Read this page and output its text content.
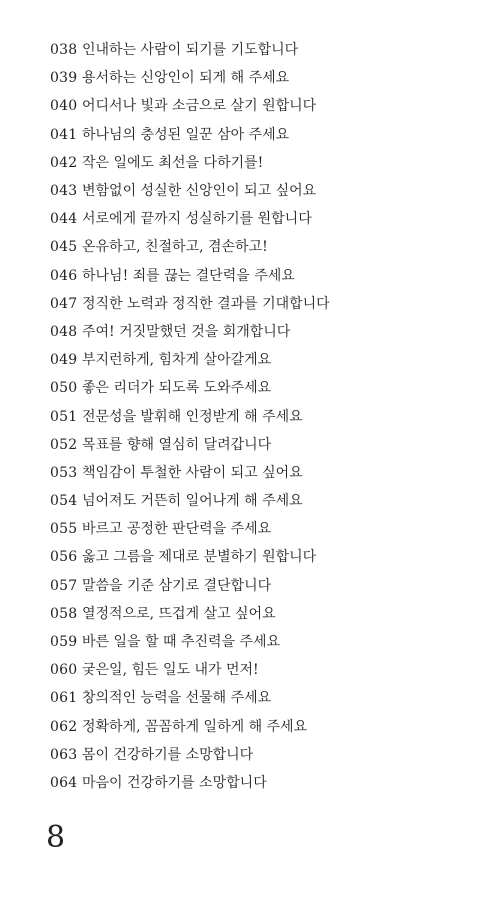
038 인내하는 사람이 되기를 기도합니다
039 용서하는 신앙인이 되게 해 주세요
040 어디서나 빛과 소금으로 살기 원합니다
041 하나님의 충성된 일꾼 삼아 주세요
042 작은 일에도 최선을 다하기를!
043 변함없이 성실한 신앙인이 되고 싶어요
044 서로에게 끝까지 성실하기를 원합니다
045 온유하고, 친절하고, 겸손하고!
046 하나님! 죄를 끊는 결단력을 주세요
047 정직한 노력과 정직한 결과를 기대합니다
048 주여! 거짓말했던 것을 회개합니다
049 부지런하게, 힘차게 살아갈게요
050 좋은 리더가 되도록 도와주세요
051 전문성을 발휘해 인정받게 해 주세요
052 목표를 향해 열심히 달려갑니다
053 책임감이 투철한 사람이 되고 싶어요
054 넘어져도 거뜬히 일어나게 해 주세요
055 바르고 공정한 판단력을 주세요
056 옳고 그름을 제대로 분별하기 원합니다
057 말씀을 기준 삼기로 결단합니다
058 열정적으로, 뜨겁게 살고 싶어요
059 바른 일을 할 때 추진력을 주세요
060 궂은일, 힘든 일도 내가 먼저!
061 창의적인 능력을 선물해 주세요
062 정확하게, 꼼꼼하게 일하게 해 주세요
063 몸이 건강하기를 소망합니다
064 마음이 건강하기를 소망합니다
8
